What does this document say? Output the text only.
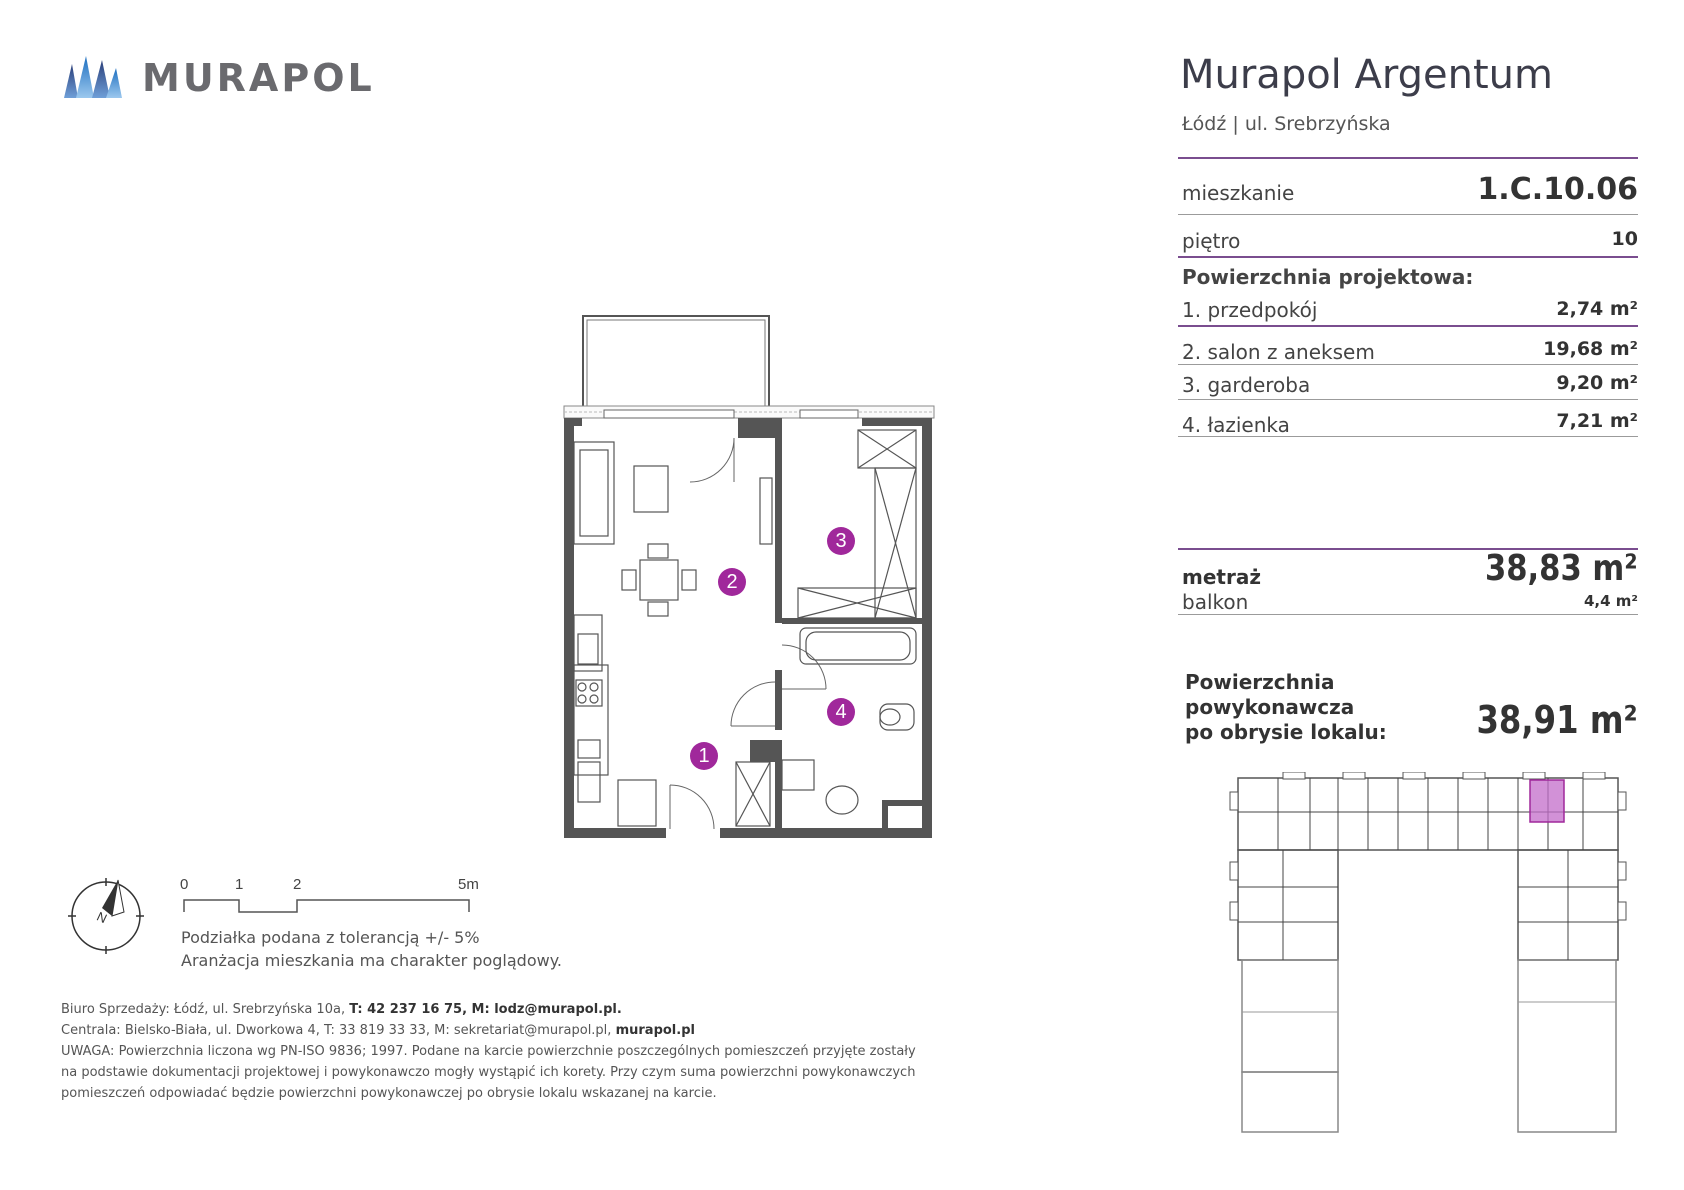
MURAPOL	Murapol Argentum
Łódź | ul. Srebrzyńska
mieszkanie	1.C.10.06
piętro	10
Powierzchnia projektowa:
1. przedpokój	2,74 m²
2. salon z aneksem	19,68 m²
3. garderoba	9,20 m²
4. łazienka	7,21 m²
metraż	38,83 m²
balkon	4,4 m²
Powierzchnia
powykonawcza
po obrysie lokalu:	38,91 m²
1
2
3
4
N
0	1	2	5m
Podziałka podana z tolerancją +/- 5%
Aranżacja mieszkania ma charakter poglądowy.
Biuro Sprzedaży: Łódź, ul. Srebrzyńska 10a, T: 42 237 16 75, M: lodz@murapol.pl.
Centrala: Bielsko-Biała, ul. Dworkowa 4, T: 33 819 33 33, M: sekretariat@murapol.pl, murapol.pl
UWAGA: Powierzchnia liczona wg PN-ISO 9836; 1997. Podane na karcie powierzchnie poszczególnych pomieszczeń przyjęte zostały
na podstawie dokumentacji projektowej i powykonawczo mogły wystąpić ich korety. Przy czym suma powierzchni powykonawczych
pomieszczeń odpowiadać będzie powierzchni powykonawczej po obrysie lokalu wskazanej na karcie.
